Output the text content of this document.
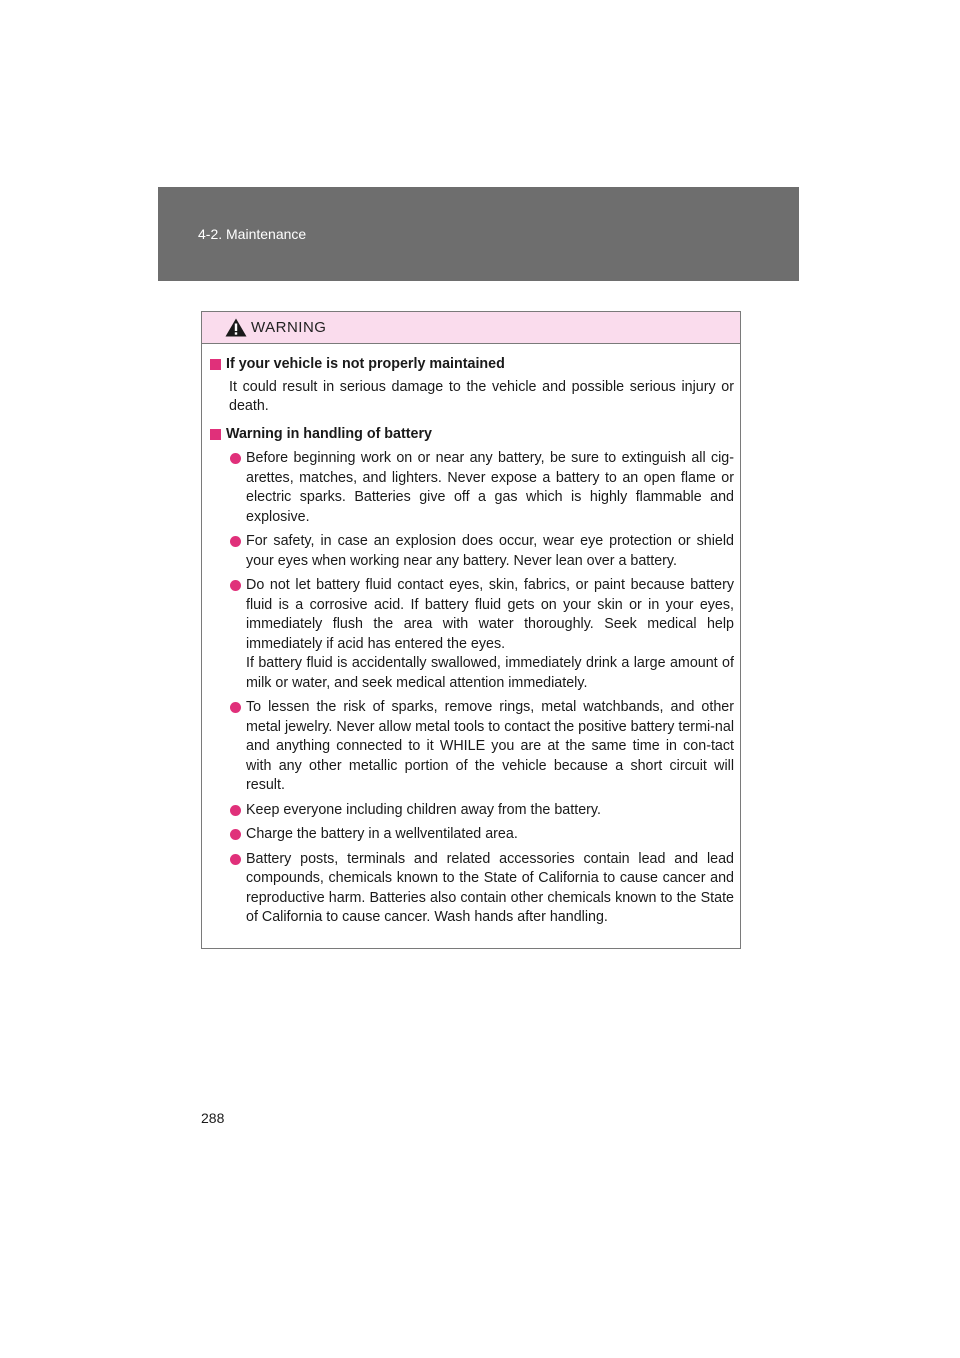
4-2. Maintenance
WARNING
If your vehicle is not properly maintained
It could result in serious damage to the vehicle and possible serious injury or death.
Warning in handling of battery
Before beginning work on or near any battery, be sure to extinguish all cig-arettes, matches, and lighters. Never expose a battery to an open flame or electric sparks. Batteries give off a gas which is highly flammable and explosive.
For safety, in case an explosion does occur, wear eye protection or shield your eyes when working near any battery. Never lean over a battery.
Do not let battery fluid contact eyes, skin, fabrics, or paint because battery fluid is a corrosive acid. If battery fluid gets on your skin or in your eyes, immediately flush the area with water thoroughly. Seek medical help immediately if acid has entered the eyes.
If battery fluid is accidentally swallowed, immediately drink a large amount of milk or water, and seek medical attention immediately.
To lessen the risk of sparks, remove rings, metal watchbands, and other metal jewelry. Never allow metal tools to contact the positive battery termi-nal and anything connected to it WHILE you are at the same time in con-tact with any other metallic portion of the vehicle because a short circuit will result.
Keep everyone including children away from the battery.
Charge the battery in a wellventilated area.
Battery posts, terminals and related accessories contain lead and lead compounds, chemicals known to the State of California to cause cancer and reproductive harm. Batteries also contain other chemicals known to the State of California to cause cancer. Wash hands after handling.
288
